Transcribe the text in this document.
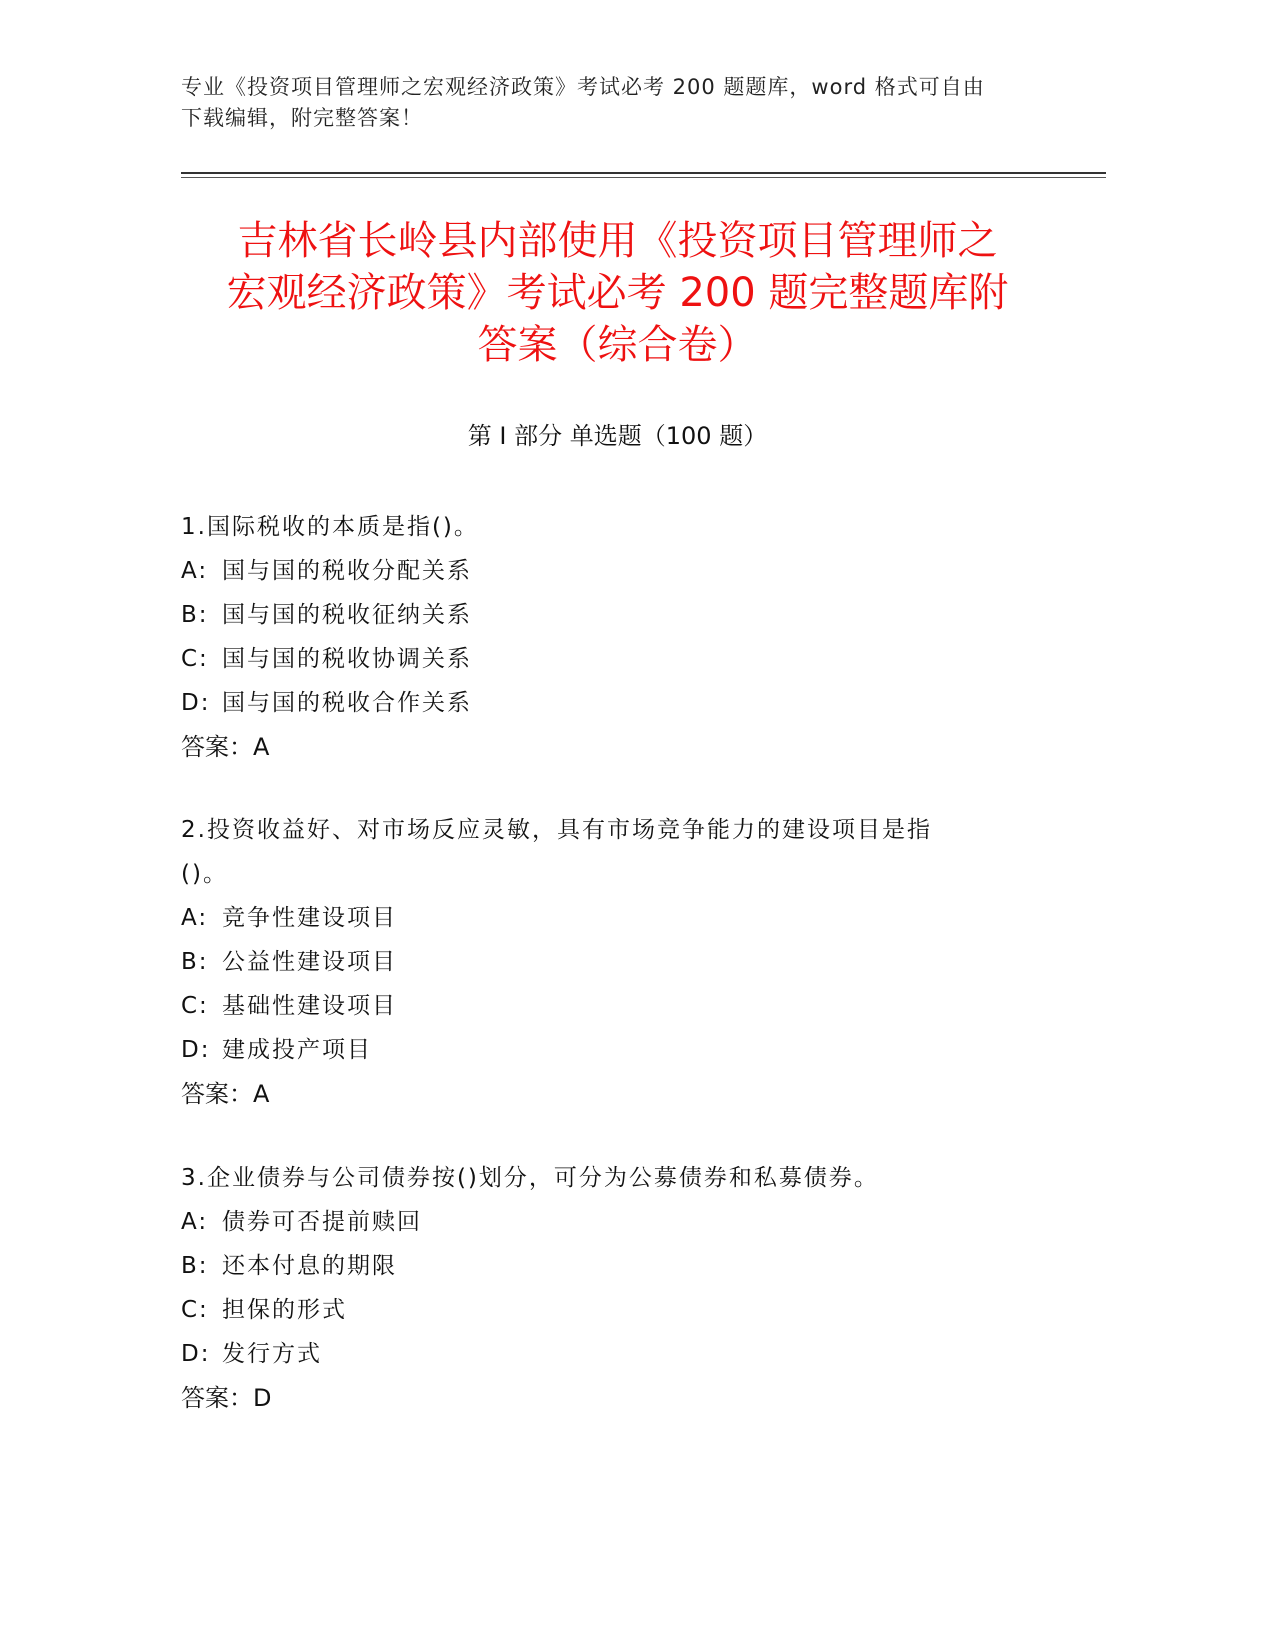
专业《投资项目管理师之宏观经济政策》考试必考 200 题题库，word 格式可自由
下载编辑，附完整答案！
吉林省长岭县内部使用《投资项目管理师之
宏观经济政策》考试必考 200 题完整题库附
答案（综合卷）
第 I 部分 单选题（100 题）

1.国际税收的本质是指()。

A: 国与国的税收分配关系
B: 国与国的税收征纳关系
C: 国与国的税收协调关系
D: 国与国的税收合作关系

答案：A

2.投资收益好、对市场反应灵敏，具有市场竞争能力的建设项目是指

()。

A: 竞争性建设项目
B: 公益性建设项目
C: 基础性建设项目
D: 建成投产项目

答案：A

3.企业债券与公司债券按()划分，可分为公募债券和私募债券。

A: 债券可否提前赎回
B: 还本付息的期限
C: 担保的形式
D: 发行方式

答案：D
